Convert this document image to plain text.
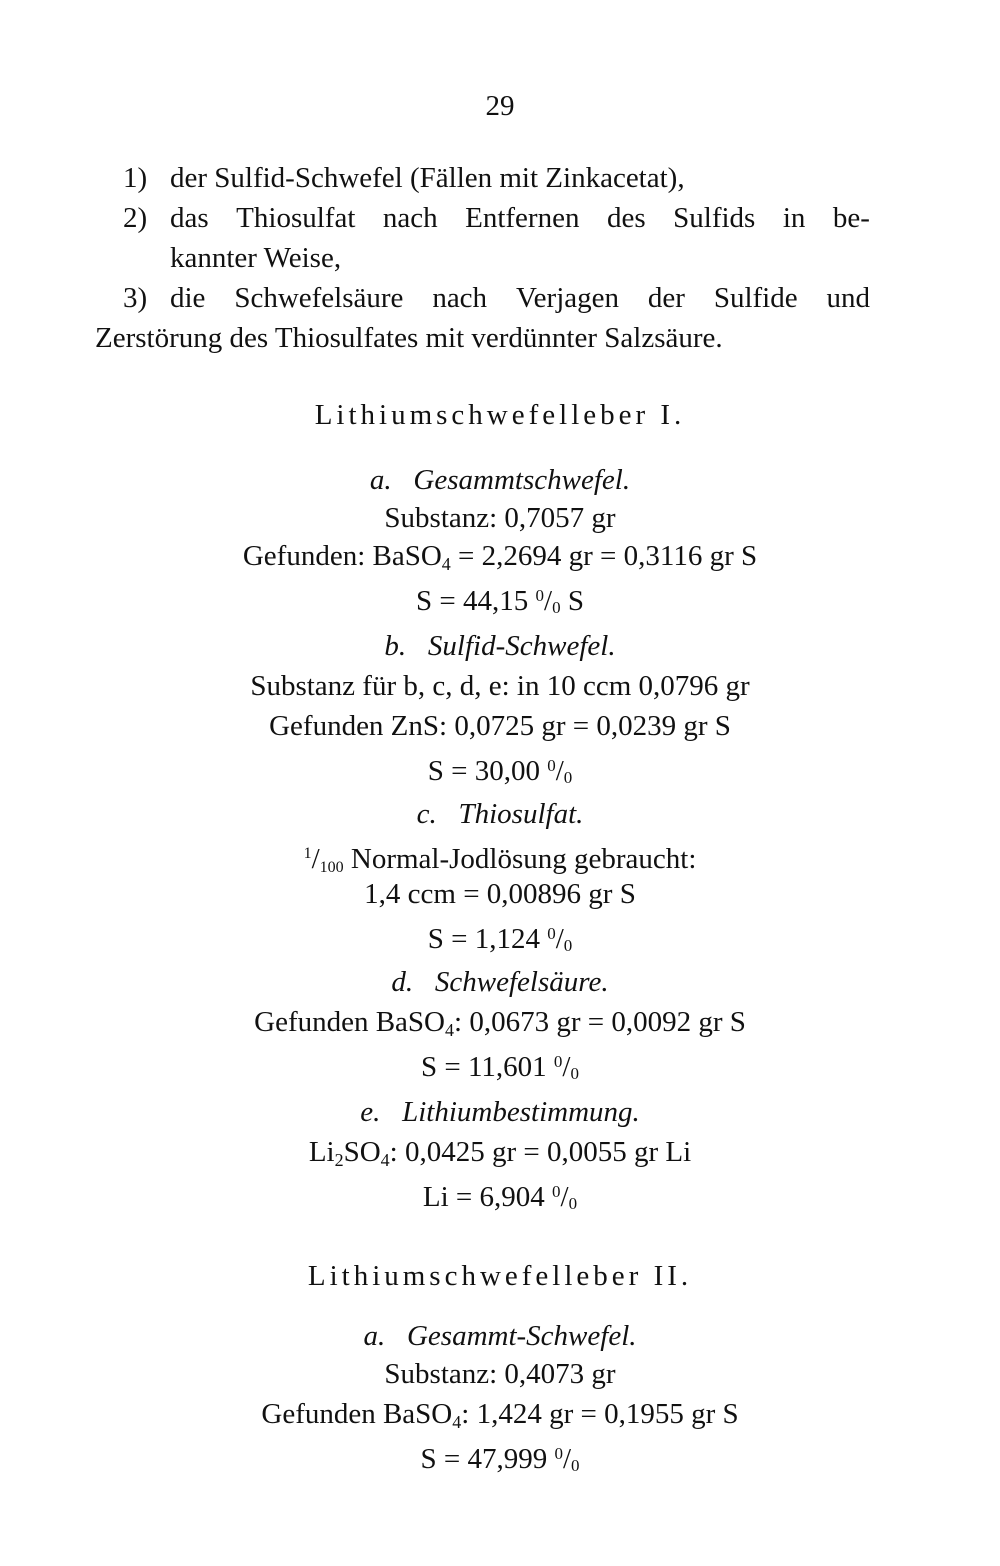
29
1) der Sulfid-Schwefel (Fällen mit Zinkacetat),
2) das Thiosulfat nach Entfernen des Sulfids in be-
kannter Weise,
3) die Schwefelsäure nach Verjagen der Sulfide und
Zerstörung des Thiosulfates mit verdünnter Salzsäure.
Lithiumschwefelleber I.
a. Gesammtschwefel.
Substanz: 0,7057 gr
Gefunden: BaSO$_4$ = 2,2694 gr = 0,3116 gr S
S = 44,15 $^0$/0 S
b. Sulfid-Schwefel.
Substanz für b, c, d, e: in 10 ccm 0,0796 gr
Gefunden ZnS: 0,0725 gr = 0,0239 gr S
S = 30,00 $^0$/0
c. Thiosulfat.
$^1$/100 Normal-Jodlösung gebraucht:
1,4 ccm = 0,00896 gr S
S = 1,124 $^0$/0
d. Schwefelsäure.
Gefunden BaSO$_4$: 0,0673 gr = 0,0092 gr S
S = 11,601 $^0$/0
e. Lithiumbestimmung.
$Li_2SO_4$: 0,0425 gr = 0,0055 gr Li
Li = 6,904 $^0$/0
Lithiumschwefelleber II.
a. Gesammt-Schwefel.
Substanz: 0,4073 gr
Gefunden BaSO$_4$: 1,424 gr = 0,1955 gr S
S = 47,999 $^0$/0
